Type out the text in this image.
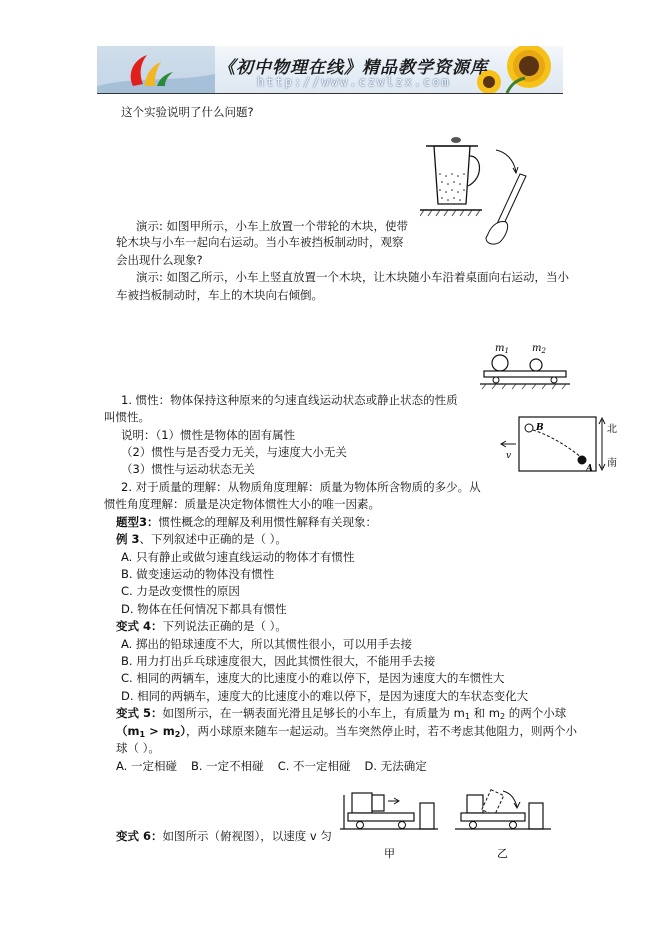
《初中物理在线》精品教学资源库
http://www.czwlzx.com
这个实验说明了什么问题?
演示: 如图甲所示，小车上放置一个带轮的木块，使带
轮木块与小车一起向右运动。当小车被挡板制动时，观察
会出现什么现象?
演示: 如图乙所示，小车上竖直放置一个木块，让木块随小车沿着桌面向右运动，当小
车被挡板制动时，车上的木块向右倾倒。
$m_1$ $m_2$
1. 惯性：物体保持这种原来的匀速直线运动状态或静止状态的性质
叫惯性。
说明：（1）惯性是物体的固有属性
（2）惯性与是否受力无关，与速度大小无关
（3）惯性与运动状态无关
B
A
v
北
南
2. 对于质量的理解：从物质角度理解：质量为物体所含物质的多少。从
惯性角度理解：质量是决定物体惯性大小的唯一因素。
题型3：惯性概念的理解及利用惯性解释有关现象：
例 3、下列叙述中正确的是（ ）。
A. 只有静止或做匀速直线运动的物体才有惯性
B. 做变速运动的物体没有惯性
C. 力是改变惯性的原因
D. 物体在任何情况下都具有惯性
变式 4：下列说法正确的是（ ）。
A. 掷出的铅球速度不大，所以其惯性很小，可以用手去接
B. 用力打出乒乓球速度很大，因此其惯性很大，不能用手去接
C. 相同的两辆车，速度大的比速度小的难以停下，是因为速度大的车惯性大
D. 相同的两辆车，速度大的比速度小的难以停下，是因为速度大的车状态变化大
变式 5：如图所示，在一辆表面光滑且足够长的小车上，有质量为 $m_1$ 和 $m_2$ 的两个小球
$(m_1 > m_2)$，两小球原来随车一起运动。当车突然停止时，若不考虑其他阻力，则两个小
球（ ）。
A. 一定相碰 B. 一定不相碰 C. 不一定相碰 D. 无法确定
甲	乙
变式 6：如图所示（俯视图），以速度 v 匀
